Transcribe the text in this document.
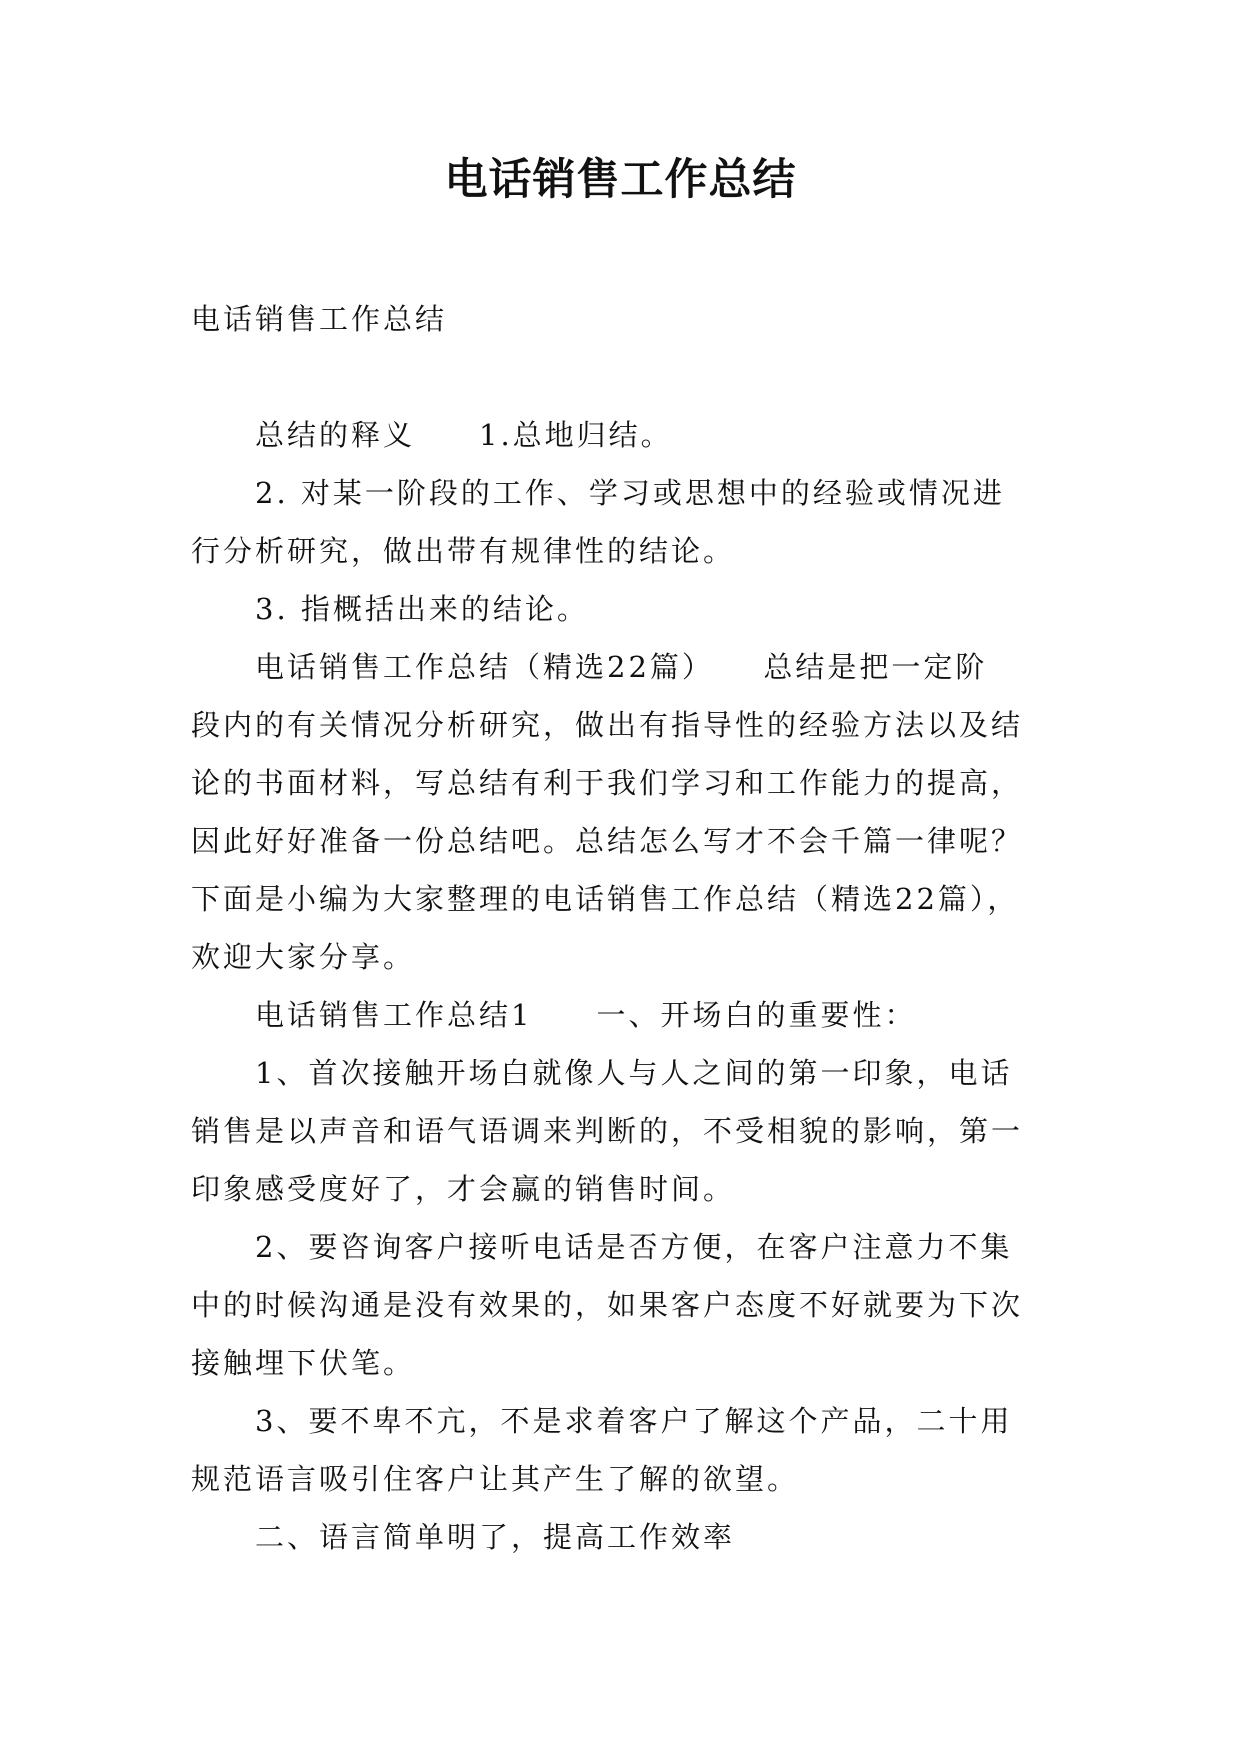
电话销售工作总结
电话销售工作总结
总结的释义　　1.总地归结。
2. 对某一阶段的工作、学习或思想中的经验或情况进
行分析研究，做出带有规律性的结论。
3. 指概括出来的结论。
电话销售工作总结（精选22篇）　　总结是把一定阶
段内的有关情况分析研究，做出有指导性的经验方法以及结
论的书面材料，写总结有利于我们学习和工作能力的提高，
因此好好准备一份总结吧。总结怎么写才不会千篇一律呢？
下面是小编为大家整理的电话销售工作总结（精选22篇），
欢迎大家分享。
电话销售工作总结1　　一、开场白的重要性：
1、首次接触开场白就像人与人之间的第一印象，电话
销售是以声音和语气语调来判断的，不受相貌的影响，第一
印象感受度好了，才会赢的销售时间。
2、要咨询客户接听电话是否方便，在客户注意力不集
中的时候沟通是没有效果的，如果客户态度不好就要为下次
接触埋下伏笔。
3、要不卑不亢，不是求着客户了解这个产品，二十用
规范语言吸引住客户让其产生了解的欲望。
二、语言简单明了，提高工作效率
